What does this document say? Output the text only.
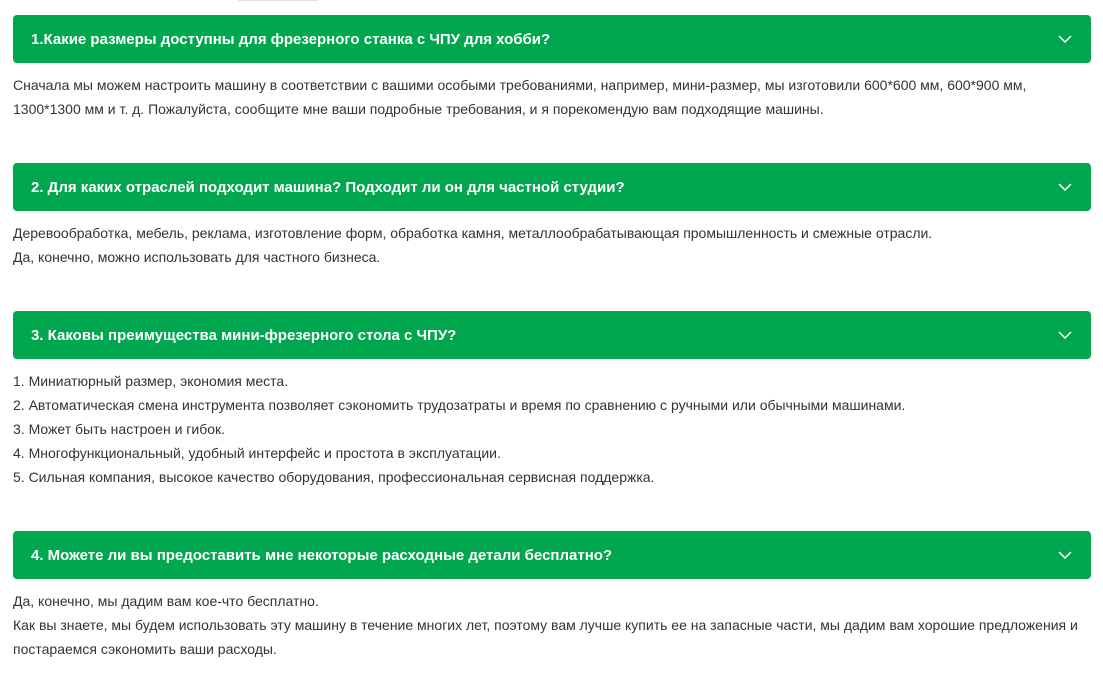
1.Какие размеры доступны для фрезерного станка с ЧПУ для хобби?

Сначала мы можем настроить машину в соответствии с вашими особыми требованиями, например, мини-размер, мы изготовили 600*600 мм, 600*900 мм, 1300*1300 мм и т. д. Пожалуйста, сообщите мне ваши подробные требования, и я порекомендую вам подходящие машины.

2. Для каких отраслей подходит машина? Подходит ли он для частной студии?

Деревообработка, мебель, реклама, изготовление форм, обработка камня, металлообрабатывающая промышленность и смежные отрасли.

Да, конечно, можно использовать для частного бизнеса.

3. Каковы преимущества мини-фрезерного стола с ЧПУ?

1. Миниатюрный размер, экономия места.

2. Автоматическая смена инструмента позволяет сэкономить трудозатраты и время по сравнению с ручными или обычными машинами.

3. Может быть настроен и гибок.

4. Многофункциональный, удобный интерфейс и простота в эксплуатации.

5. Сильная компания, высокое качество оборудования, профессиональная сервисная поддержка.

4. Можете ли вы предоставить мне некоторые расходные детали бесплатно?

Да, конечно, мы дадим вам кое-что бесплатно.

Как вы знаете, мы будем использовать эту машину в течение многих лет, поэтому вам лучше купить ее на запасные части, мы дадим вам хорошие предложения и постараемся сэкономить ваши расходы.
